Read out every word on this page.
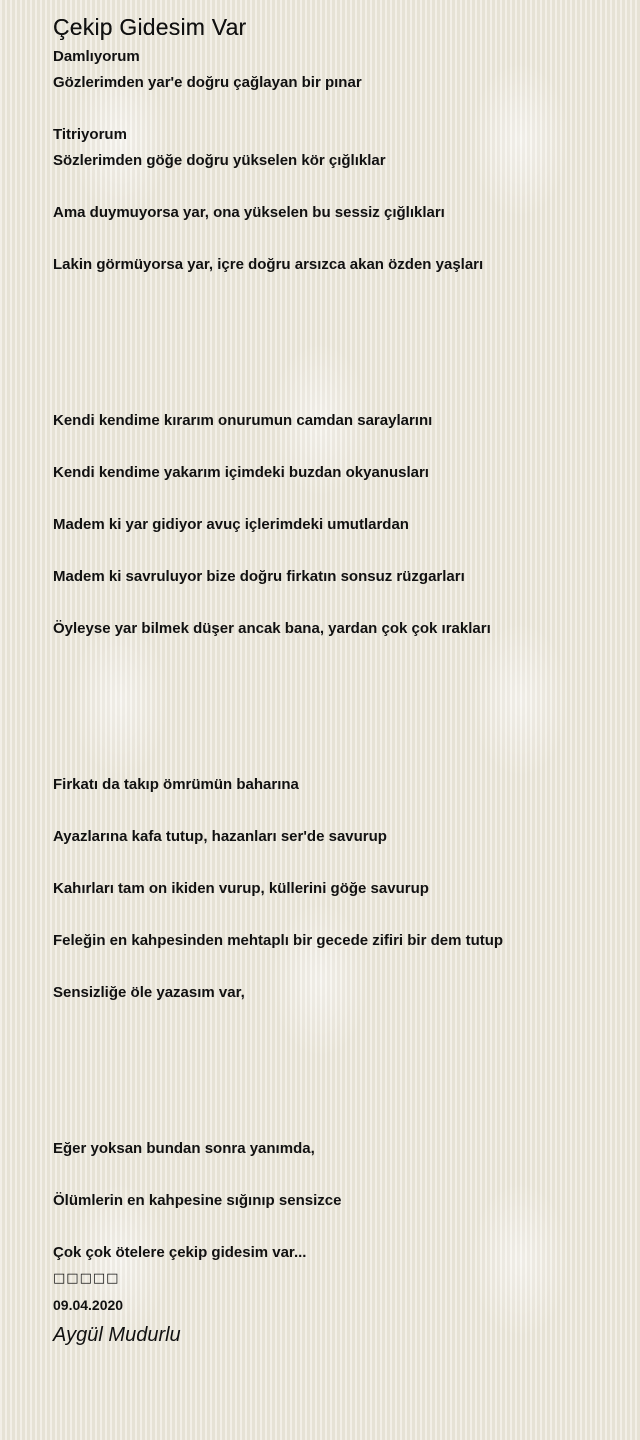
Çekip Gidesim Var
Damlıyorum
Gözlerimden yar'e doğru çağlayan bir pınar

Titriyorum
Sözlerimden göğe doğru yükselen kör çığlıklar

Ama duymuyorsa yar, ona yükselen bu sessiz çığlıkları

Lakin görmüyorsa yar, içre doğru arsızca akan özden yaşları

Kendi kendime kırarım onurumun camdan saraylarını

Kendi kendime yakarım içimdeki buzdan okyanusları

Madem ki yar gidiyor avuç içlerimdeki umutlardan

Madem ki savruluyor bize doğru firkatın sonsuz rüzgarları

Öyleyse yar bilmek düşer ancak bana, yardan çok çok ırakları

Firkatı da takıp ömrümün baharına

Ayazlarına kafa tutup, hazanları ser'de savurup

Kahırları tam on ikiden vurup, küllerini göğe savurup

Feleğin en kahpesinden mehtaplı bir gecede zifiri bir dem tutup

Sensizliğe öle yazasım var,

Eğer yoksan bundan sonra yanımda,

Ölümlerin en kahpesine sığınıp sensizce

Çok çok ötelere çekip gidesim var...
□□□□□
09.04.2020
Aygül Mudurlu
